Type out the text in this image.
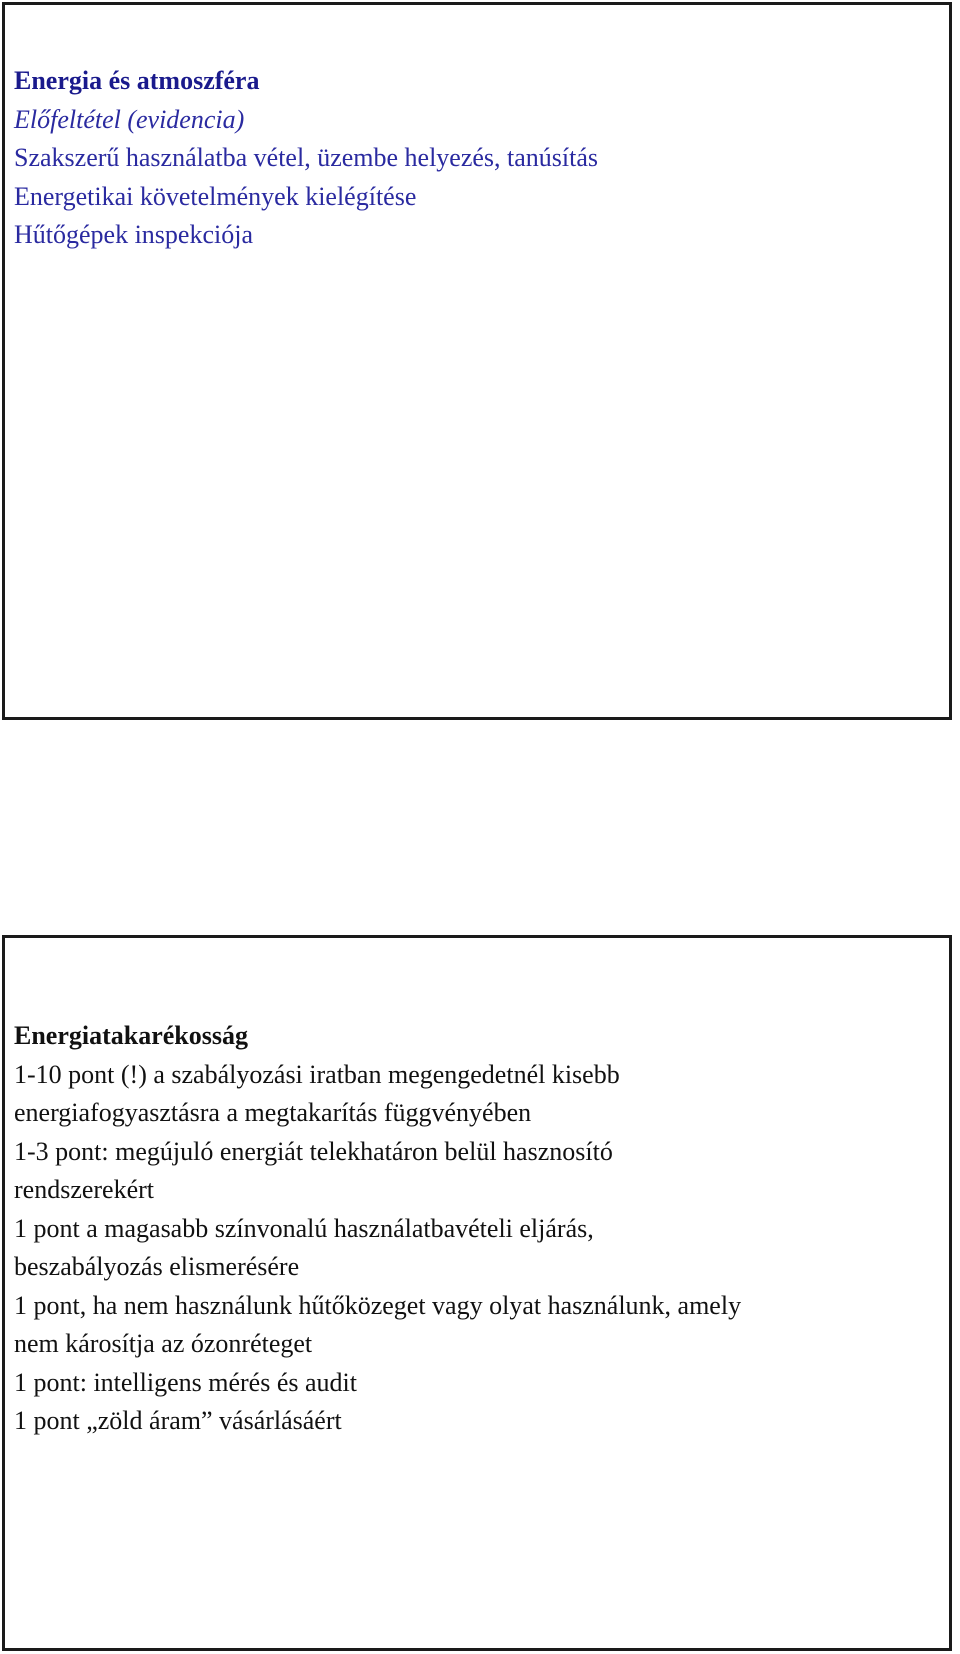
Energia és atmoszféra
Előfeltétel (evidencia)
Szakszerű használatba vétel, üzembe helyezés, tanúsítás
Energetikai követelmények kielégítése
Hűtőgépek inspekciója
Energiatakarékosság
1-10 pont (!) a szabályozási iratban megengedetnél kisebb
energiafogyasztásra a megtakarítás függvényében
1-3 pont: megújuló energiát telekhatáron belül hasznosító
rendszerekért
1 pont a magasabb színvonalú használatbavételi eljárás,
beszabályozás elismerésére
1 pont, ha nem használunk hűtőközeget vagy olyat használunk, amely
nem károsítja az ózonréteget
1 pont: intelligens mérés és audit
1 pont „zöld áram” vásárlásáért
